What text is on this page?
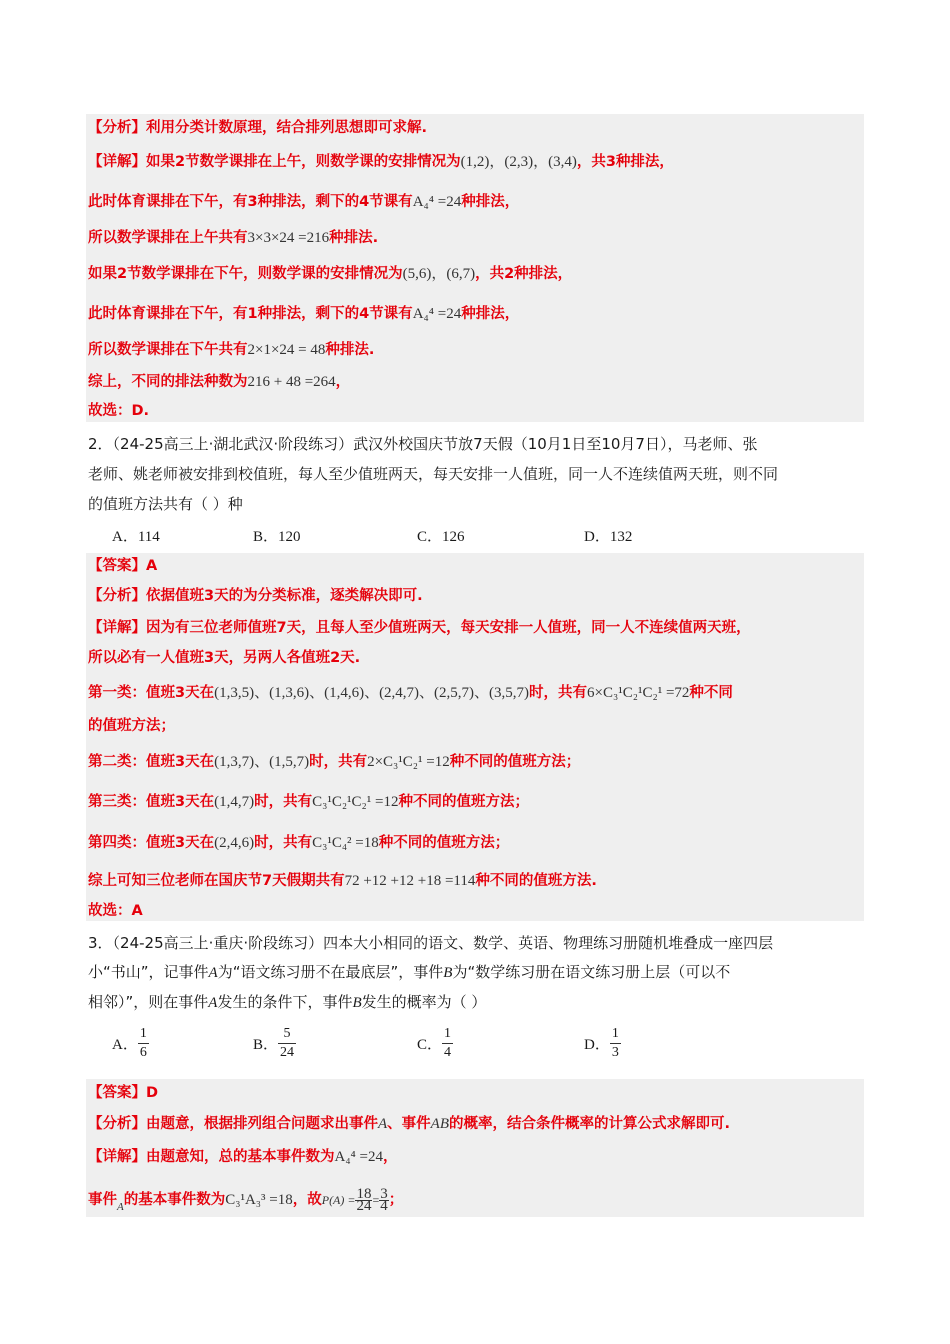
【分析】利用分类计数原理，结合排列思想即可求解.
【详解】如果2节数学课排在上午，则数学课的安排情况为(1,2)，(2,3)，(3,4)，共3种排法，
此时体育课排在下午，有3种排法，剩下的4节课有A₄⁴ =24种排法，
所以数学课排在上午共有3×3×24 =216种排法.
如果2节数学课排在下午，则数学课的安排情况为(5,6)，(6,7)，共2种排法，
此时体育课排在下午，有1种排法，剩下的4节课有A₄⁴ =24种排法，
所以数学课排在下午共有2×1×24 = 48种排法.
综上，不同的排法种数为216 + 48 =264，
故选：D.
2．（24-25高三上·湖北武汉·阶段练习）武汉外校国庆节放7天假（10月1日至10月7日），马老师、张
老师、姚老师被安排到校值班，每人至少值班两天，每天安排一人值班，同一人不连续值两天班，则不同
的值班方法共有（ ）种
A．114	B．120	C．126	D．132
【答案】A
【分析】依据值班3天的为分类标准，逐类解决即可.
【详解】因为有三位老师值班7天，且每人至少值班两天，每天安排一人值班，同一人不连续值两天班，
所以必有一人值班3天，另两人各值班2天.
第一类：值班3天在(1,3,5)、(1,3,6)、(1,4,6)、(2,4,7)、(2,5,7)、(3,5,7)时，共有6×C₃¹C₂¹C₂¹ =72种不同
的值班方法；
第二类：值班3天在(1,3,7)、(1,5,7)时，共有2×C₃¹C₂¹ =12种不同的值班方法；
第三类：值班3天在(1,4,7)时，共有C₃¹C₂¹C₂¹ =12种不同的值班方法；
第四类：值班3天在(2,4,6)时，共有C₃¹C₄² =18种不同的值班方法；
综上可知三位老师在国庆节7天假期共有72 +12 +12 +18 =114种不同的值班方法.
故选：A
3．（24-25高三上·重庆·阶段练习）四本大小相同的语文、数学、英语、物理练习册随机堆叠成一座四层
小“书山”，记事件A为“语文练习册不在最底层”，事件B为“数学练习册在语文练习册上层（可以不
相邻）”，则在事件A发生的条件下，事件B发生的概率为（ ）
A． $\frac{1}{6}$	B． $\frac{5}{24}$	C． $\frac{1}{4}$	D． $\frac{1}{3}$
【答案】D
【分析】由题意，根据排列组合问题求出事件A、事件AB的概率，结合条件概率的计算公式求解即可.
【详解】由题意知，总的基本事件数为A₄⁴ =24，
事件$_A$的基本事件数为C₃¹A₃³ =18，故$P(A) = \frac{18}{24} = \frac{3}{4}$ ；
